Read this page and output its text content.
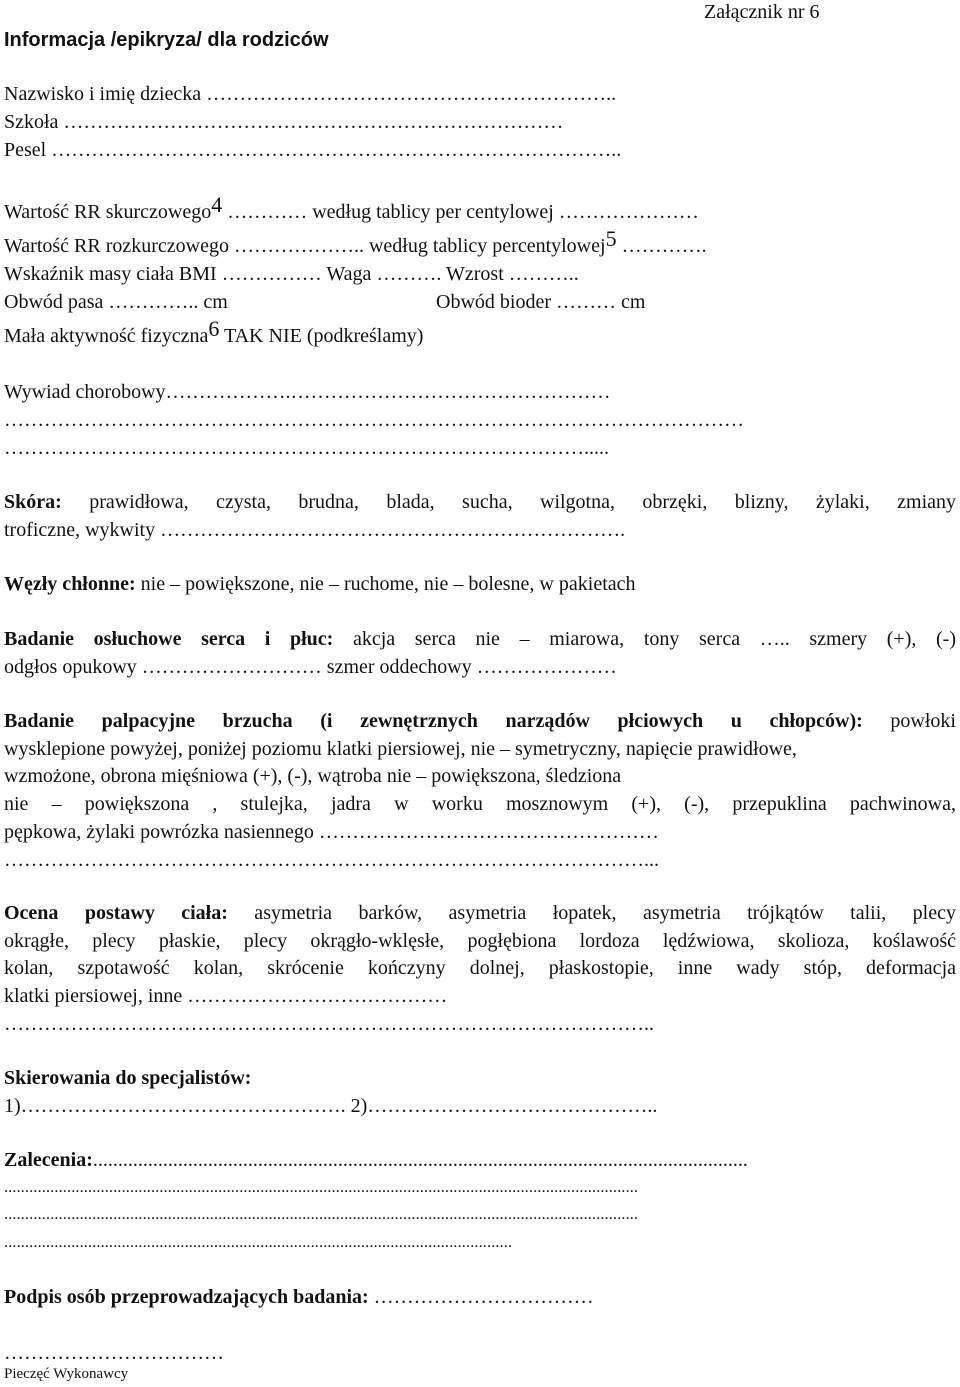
Informacja /epikryza/ dla rodziców
Załącznik nr 6
Nazwisko i imię dziecka ……………………………………………………..
Szkoła …………………………………………………………………
Pesel …………………………………………………………………………..
Wartość RR skurczowego$^4$ ………… według tablicy per centylowej …………………
Wartość RR rozkurczowego ……………….. według tablicy percentylowej$^5$ ………….
Wskaźnik masy ciała BMI …………… Waga ………. Wzrost ………..
Obwód pasa ………….. cm	Obwód bioder ……… cm
Mała aktywność fizyczna$^6$ TAK NIE (podkreślamy)
Wywiad chorobowy……………….…………………………………………
…………………………………………………………………………………………………
…………………………………………………………………………….....
Skóra: prawidłowa, czysta, brudna, blada, sucha, wilgotna, obrzęki, blizny, żylaki, zmiany
troficzne, wykwity …………………………………………………………….
Węzły chłonne: nie – powiększone, nie – ruchome, nie – bolesne, w pakietach
Badanie osłuchowe serca i płuc: akcja serca nie – miarowa, tony serca ….. szmery (+), (-)
odgłos opukowy ……………………… szmer oddechowy …………………
Badanie palpacyjne brzucha (i zewnętrznych narządów płciowych u chłopców): powłoki
wysklepione powyżej, poniżej poziomu klatki piersiowej, nie – symetryczny, napięcie prawidłowe,
wzmożone, obrona mięśniowa (+), (-), wątroba nie – powiększona, śledziona
nie – powiększona , stulejka, jadra w worku mosznowym (+), (-), przepuklina pachwinowa,
pępkowa, żylaki powrózka nasiennego ……………………………………………
……………………………………………………………………………………...
Ocena postawy ciała: asymetria barków, asymetria łopatek, asymetria trójkątów talii, plecy
okrągłe, plecy płaskie, plecy okrągło-wklęsłe, pogłębiona lordoza lędźwiowa, skolioza, koślawość
kolan, szpotawość kolan, skrócenie kończyny dolnej, płaskostopie, inne wady stóp, deformacja
klatki piersiowej, inne …………………………………
……………………………………………………………………………………..
Skierowania do specjalistów:
1)…………………………………………. 2)……………………………………..
Zalecenia:...................................................................................................................................
.......................................................................................................................................................
.......................................................................................................................................................
.........................................................................................................................
Podpis osób przeprowadzających badania: ……………………………
……………………………
Pieczęć Wykonawcy
